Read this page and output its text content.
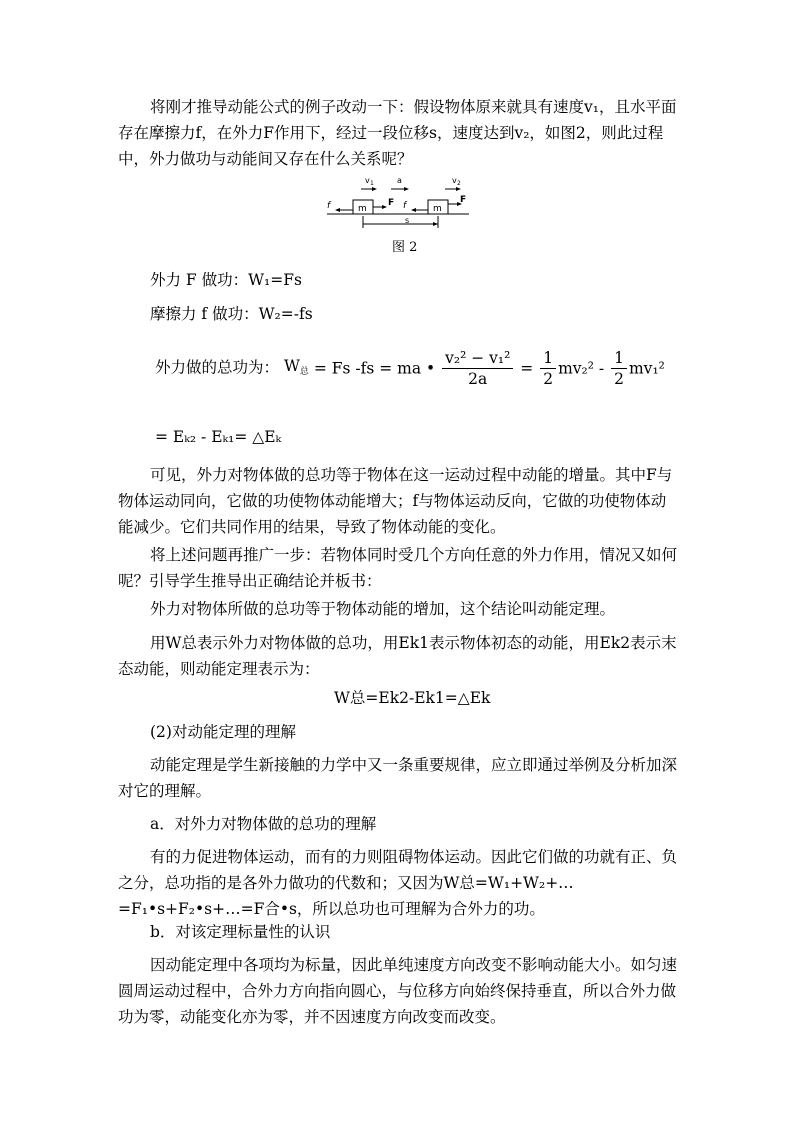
将刚才推导动能公式的例子改动一下：假设物体原来就具有速度v₁，且水平面存在摩擦力f，在外力F作用下，经过一段位移s，速度达到v₂，如图2，则此过程中，外力做功与动能间又存在什么关系呢？
m	m
f	F f
F
v 1	a	v 2
s
图 2
外力 F 做功：W₁=Fs
摩擦力 f 做功：W₂=-fs
外力做的总功为： $W_总 = Fs$ -fs = ma • $\frac{\text{v₂² − v₁²}}{2a} = \frac{1}{2} mv_2^2 - \frac{1}{2} mv_1^2$
= Eₖ₂ - Eₖ₁= △Eₖ
可见，外力对物体做的总功等于物体在这一运动过程中动能的增量。其中F与物体运动同向，它做的功使物体动能增大；f与物体运动反向，它做的功使物体动能减少。它们共同作用的结果，导致了物体动能的变化。
将上述问题再推广一步：若物体同时受几个方向任意的外力作用，情况又如何呢？引导学生推导出正确结论并板书：
外力对物体所做的总功等于物体动能的增加，这个结论叫动能定理。
用W总表示外力对物体做的总功，用Ek1表示物体初态的动能，用Ek2表示末态动能，则动能定理表示为：
W总=Ek2-Ek1=△Ek
(2)对动能定理的理解
动能定理是学生新接触的力学中又一条重要规律，应立即通过举例及分析加深对它的理解。
a．对外力对物体做的总功的理解
有的力促进物体运动，而有的力则阻碍物体运动。因此它们做的功就有正、负之分，总功指的是各外力做功的代数和；又因为W总=W₁+W₂+…=F₁•s+F₂•s+…=F合•s，所以总功也可理解为合外力的功。
b．对该定理标量性的认识
因动能定理中各项均为标量，因此单纯速度方向改变不影响动能大小。如匀速圆周运动过程中，合外力方向指向圆心，与位移方向始终保持垂直，所以合外力做功为零，动能变化亦为零，并不因速度方向改变而改变。
